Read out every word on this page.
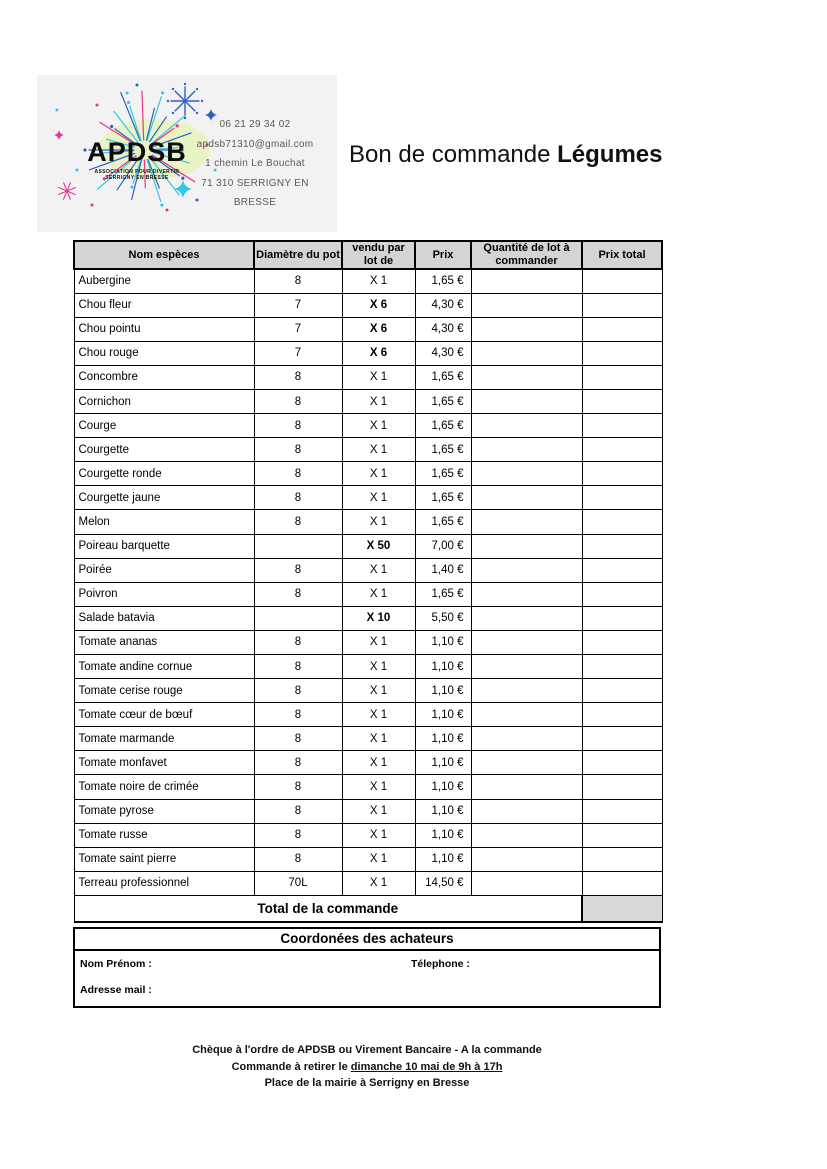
APDSB
ASSOCIATION POUR DIVERTIR
SERRIGNY EN BRESSE
06 21 29 34 02
apdsb71310@gmail.com
1 chemin Le Bouchat
71 310 SERRIGNY EN BRESSE
Bon de commande Légumes
Nom espèces	Diamètre du pot	vendu par lot de	Prix	Quantité de lot à commander	Prix total

Aubergine	8	X 1	1,65 €		
Chou fleur	7	X 6	4,30 €		
Chou pointu	7	X 6	4,30 €		
Chou rouge	7	X 6	4,30 €		
Concombre	8	X 1	1,65 €		
Cornichon	8	X 1	1,65 €		
Courge	8	X 1	1,65 €		
Courgette	8	X 1	1,65 €		
Courgette ronde	8	X 1	1,65 €		
Courgette jaune	8	X 1	1,65 €		
Melon	8	X 1	1,65 €		
Poireau barquette		X 50	7,00 €		
Poirée	8	X 1	1,40 €		
Poivron	8	X 1	1,65 €		
Salade batavia		X 10	5,50 €		
Tomate ananas	8	X 1	1,10 €		
Tomate andine cornue	8	X 1	1,10 €		
Tomate cerise rouge	8	X 1	1,10 €		
Tomate cœur de bœuf	8	X 1	1,10 €		
Tomate marmande	8	X 1	1,10 €		
Tomate monfavet	8	X 1	1,10 €		
Tomate noire de crimée	8	X 1	1,10 €		
Tomate pyrose	8	X 1	1,10 €		
Tomate russe	8	X 1	1,10 €		
Tomate saint pierre	8	X 1	1,10 €		
Terreau professionnel	70L	X 1	14,50 €		
Total de la commande					
Coordonées des achateurs
Nom Prénom :	Télephone :
Adresse mail :
Chèque à l'ordre de APDSB ou Virement Bancaire - A la commande
Commande à retirer le dimanche 10 mai de 9h à 17h
Place de la mairie à Serrigny en Bresse
